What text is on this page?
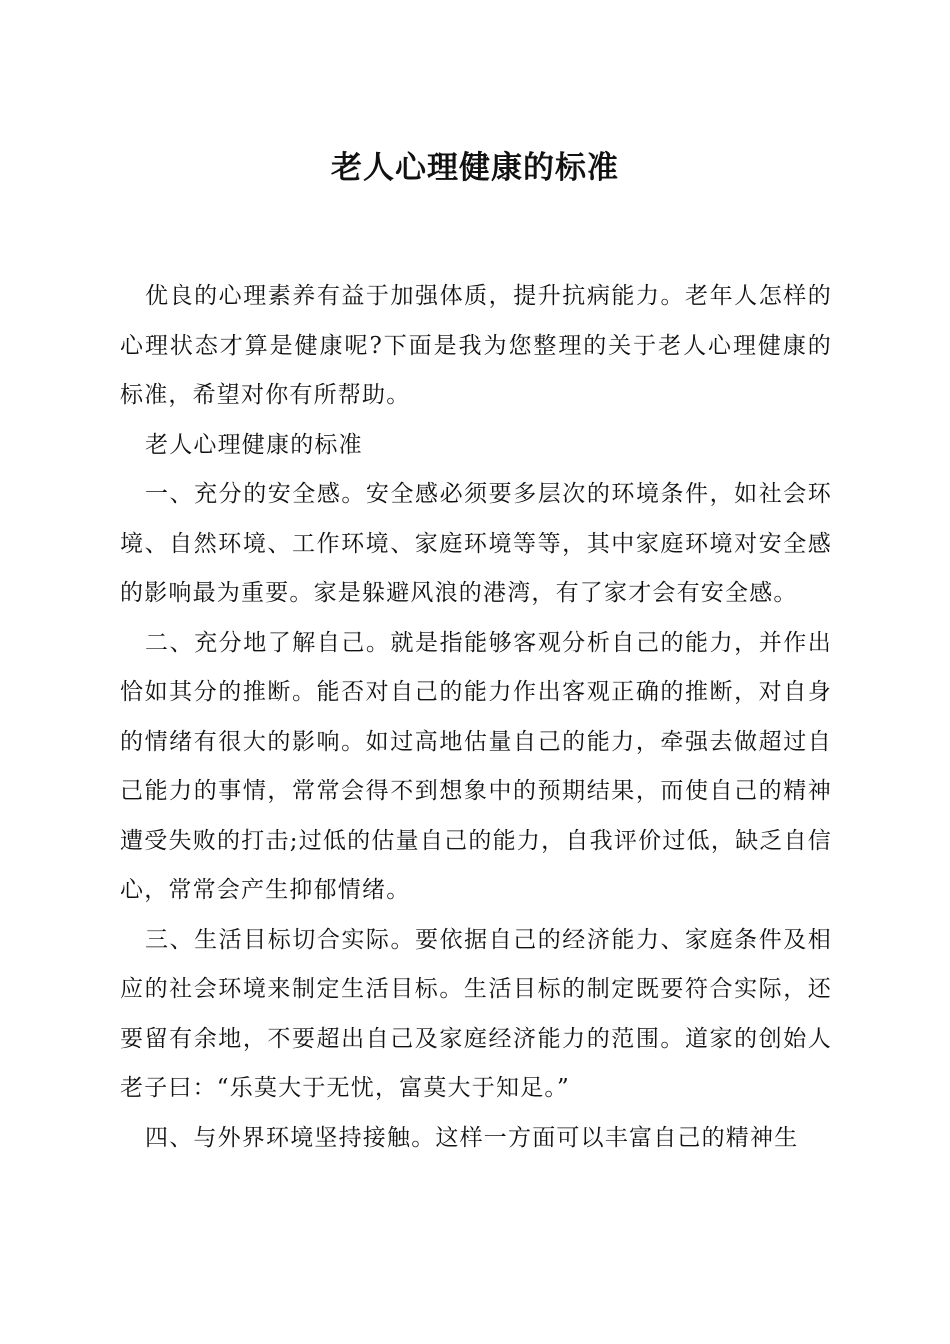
老人心理健康的标准

优良的心理素养有益于加强体质，提升抗病能力。老年人怎样的心理状态才算是健康呢?下面是我为您整理的关于老人心理健康的标准，希望对你有所帮助。

老人心理健康的标准

一、充分的安全感。安全感必须要多层次的环境条件，如社会环境、自然环境、工作环境、家庭环境等等，其中家庭环境对安全感的影响最为重要。家是躲避风浪的港湾，有了家才会有安全感。

二、充分地了解自己。就是指能够客观分析自己的能力，并作出恰如其分的推断。能否对自己的能力作出客观正确的推断，对自身的情绪有很大的影响。如过高地估量自己的能力，牵强去做超过自己能力的事情，常常会得不到想象中的预期结果，而使自己的精神遭受失败的打击;过低的估量自己的能力，自我评价过低，缺乏自信心，常常会产生抑郁情绪。

三、生活目标切合实际。要依据自己的经济能力、家庭条件及相应的社会环境来制定生活目标。生活目标的制定既要符合实际，还要留有余地，不要超出自己及家庭经济能力的范围。道家的创始人老子曰：“乐莫大于无忧，富莫大于知足。”

四、与外界环境坚持接触。这样一方面可以丰富自己的精神生
